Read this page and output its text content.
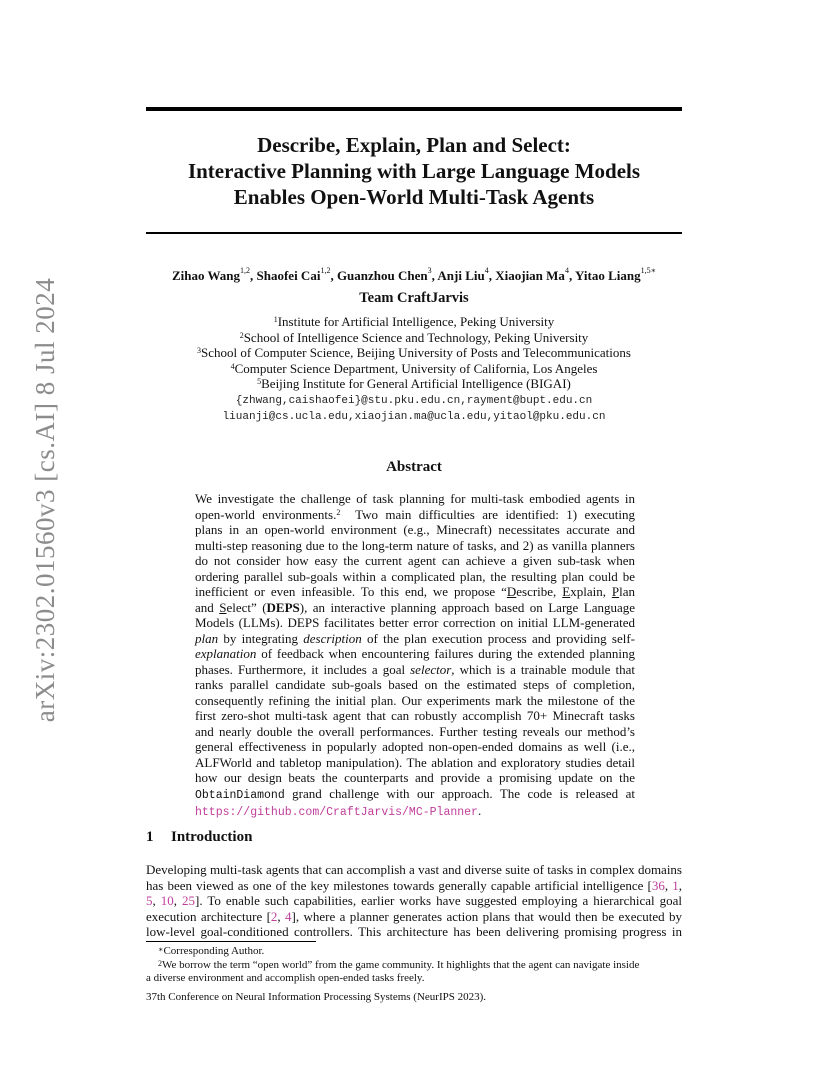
arXiv:2302.01560v3 [cs.AI] 8 Jul 2024
Describe, Explain, Plan and Select:
Interactive Planning with Large Language Models
Enables Open-World Multi-Task Agents
Zihao Wang$^{1,2}$, Shaofei Cai$^{1,2}$, Guanzhou Chen$^3$, Anji Liu$^4$, Xiaojian Ma$^4$, Yitao Liang$^{1,5∗}$
Team CraftJarvis
$^1$Institute for Artificial Intelligence, Peking University
$^2$School of Intelligence Science and Technology, Peking University
$^3$School of Computer Science, Beijing University of Posts and Telecommunications
$^4$Computer Science Department, University of California, Los Angeles
$^5$Beijing Institute for General Artificial Intelligence (BIGAI)
{zhwang,caishaofei}@stu.pku.edu.cn,rayment@bupt.edu.cn
liuanji@cs.ucla.edu,xiaojian.ma@ucla.edu,yitaol@pku.edu.cn
Abstract
We investigate the challenge of task planning for multi-task embodied agents in
open-world environments.$^2$ Two main difficulties are identified: 1) executing
plans in an open-world environment (e.g., Minecraft) necessitates accurate and
multi-step reasoning due to the long-term nature of tasks, and 2) as vanilla planners
do not consider how easy the current agent can achieve a given sub-task when
ordering parallel sub-goals within a complicated plan, the resulting plan could be
inefficient or even infeasible. To this end, we propose “Describe, Explain, Plan
and Select” (DEPS), an interactive planning approach based on Large Language
Models (LLMs). DEPS facilitates better error correction on initial LLM-generated
plan by integrating description of the plan execution process and providing self-
explanation of feedback when encountering failures during the extended planning
phases. Furthermore, it includes a goal selector, which is a trainable module that
ranks parallel candidate sub-goals based on the estimated steps of completion,
consequently refining the initial plan. Our experiments mark the milestone of the
first zero-shot multi-task agent that can robustly accomplish 70+ Minecraft tasks
and nearly double the overall performances. Further testing reveals our method’s
general effectiveness in popularly adopted non-open-ended domains as well (i.e.,
ALFWorld and tabletop manipulation). The ablation and exploratory studies detail
how our design beats the counterparts and provide a promising update on the
ObtainDiamond grand challenge with our approach. The code is released at
https://github.com/CraftJarvis/MC-Planner.
1 Introduction
Developing multi-task agents that can accomplish a vast and diverse suite of tasks in complex domains
has been viewed as one of the key milestones towards generally capable artificial intelligence [36, 1,
5, 10, 25]. To enable such capabilities, earlier works have suggested employing a hierarchical goal
execution architecture [2, 4], where a planner generates action plans that would then be executed by
low-level goal-conditioned controllers. This architecture has been delivering promising progress in
∗Corresponding Author.
$^2$We borrow the term “open world” from the game community. It highlights that the agent can navigate inside
a diverse environment and accomplish open-ended tasks freely.
37th Conference on Neural Information Processing Systems (NeurIPS 2023).
